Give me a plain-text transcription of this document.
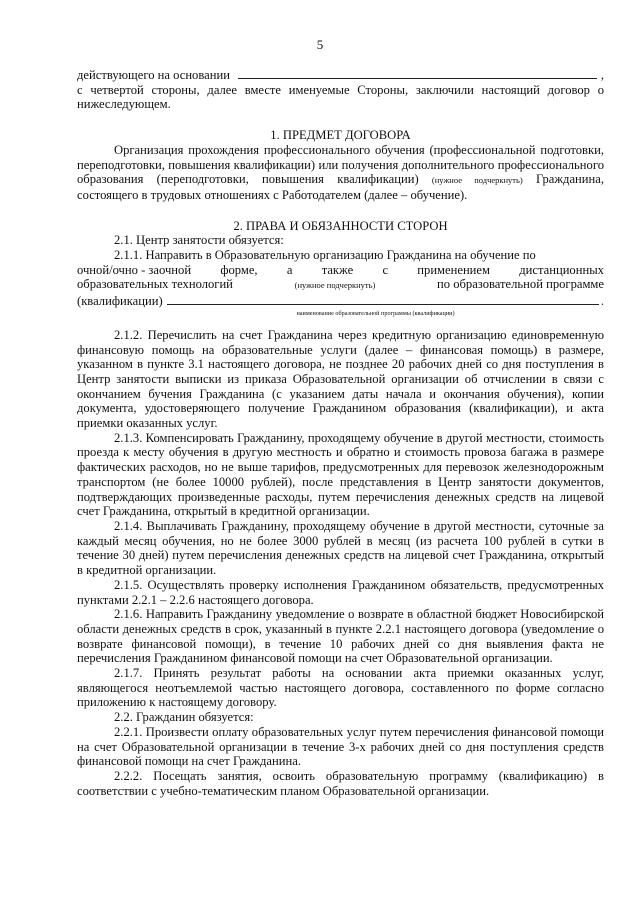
5
действующего на основании	,

с четвертой стороны, далее вместе именуемые Стороны, заключили настоящий договор о нижеследующем.

1. ПРЕДМЕТ ДОГОВОРА

Организация прохождения профессионального обучения (профессиональной подготовки, переподготовки, повышения квалификации) или получения дополнительного профессионального образования (переподготовки, повышения квалификации) (нужное подчеркнуть) Гражданина, состоящего в трудовых отношениях с Работодателем (далее – обучение).

2. ПРАВА И ОБЯЗАННОСТИ СТОРОН

2.1. Центр занятости обязуется:

2.1.1. Направить в Образовательную организацию Гражданина на обучение по

очной/очно - заочной форме, а также с применением дистанционных
образовательных технологий	(нужное подчеркнуть)	по образовательной программе
(квалификации)	.

наименование образовательной программы (квалификации)

2.1.2. Перечислить на счет Гражданина через кредитную организацию единовременную финансовую помощь на образовательные услуги (далее – финансовая помощь) в размере, указанном в пункте 3.1 настоящего договора, не позднее 20 рабочих дней со дня поступления в Центр занятости выписки из приказа Образовательной организации об отчислении в связи с окончанием бучения Гражданина (с указанием даты начала и окончания обучения), копии документа, удостоверяющего получение Гражданином образования (квалификации), и акта приемки оказанных услуг.

2.1.3. Компенсировать Гражданину, проходящему обучение в другой местности, стоимость проезда к месту обучения в другую местность и обратно и стоимость провоза багажа в размере фактических расходов, но не выше тарифов, предусмотренных для перевозок железнодорожным транспортом (не более 10000 рублей), после представления в Центр занятости документов, подтверждающих произведенные расходы, путем перечисления денежных средств на лицевой счет Гражданина, открытый в кредитной организации.

2.1.4. Выплачивать Гражданину, проходящему обучение в другой местности, суточные за каждый месяц обучения, но не более 3000 рублей в месяц (из расчета 100 рублей в сутки в течение 30 дней) путем перечисления денежных средств на лицевой счет Гражданина, открытый в кредитной организации.

2.1.5. Осуществлять проверку исполнения Гражданином обязательств, предусмотренных пунктами 2.2.1 – 2.2.6 настоящего договора.

2.1.6. Направить Гражданину уведомление о возврате в областной бюджет Новосибирской области денежных средств в срок, указанный в пункте 2.2.1 настоящего договора (уведомление о возврате финансовой помощи), в течение 10 рабочих дней со дня выявления факта не перечисления Гражданином финансовой помощи на счет Образовательной организации.

2.1.7. Принять результат работы на основании акта приемки оказанных услуг, являющегося неотъемлемой частью настоящего договора, составленного по форме согласно приложению к настоящему договору.

2.2. Гражданин обязуется:

2.2.1. Произвести оплату образовательных услуг путем перечисления финансовой помощи на счет Образовательной организации в течение 3-х рабочих дней со дня поступления средств финансовой помощи на счет Гражданина.

2.2.2. Посещать занятия, освоить образовательную программу (квалификацию) в соответствии с учебно-тематическим планом Образовательной организации.
